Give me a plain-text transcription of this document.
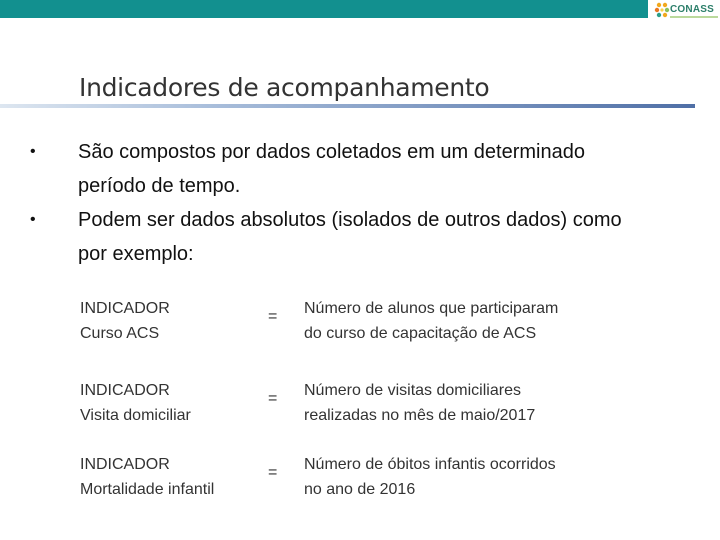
CONASS
Indicadores de acompanhamento
•	São compostos por dados coletados em um determinado
período de tempo.
•	Podem ser dados absolutos (isolados de outros dados) como
por exemplo:
INDICADOR
Curso ACS
= Número de alunos que participaram
do curso de capacitação de ACS
INDICADOR
Visita domiciliar
= Número de visitas domiciliares
realizadas no mês de maio/2017
INDICADOR
Mortalidade infantil
= Número de óbitos infantis ocorridos
no ano de 2016
